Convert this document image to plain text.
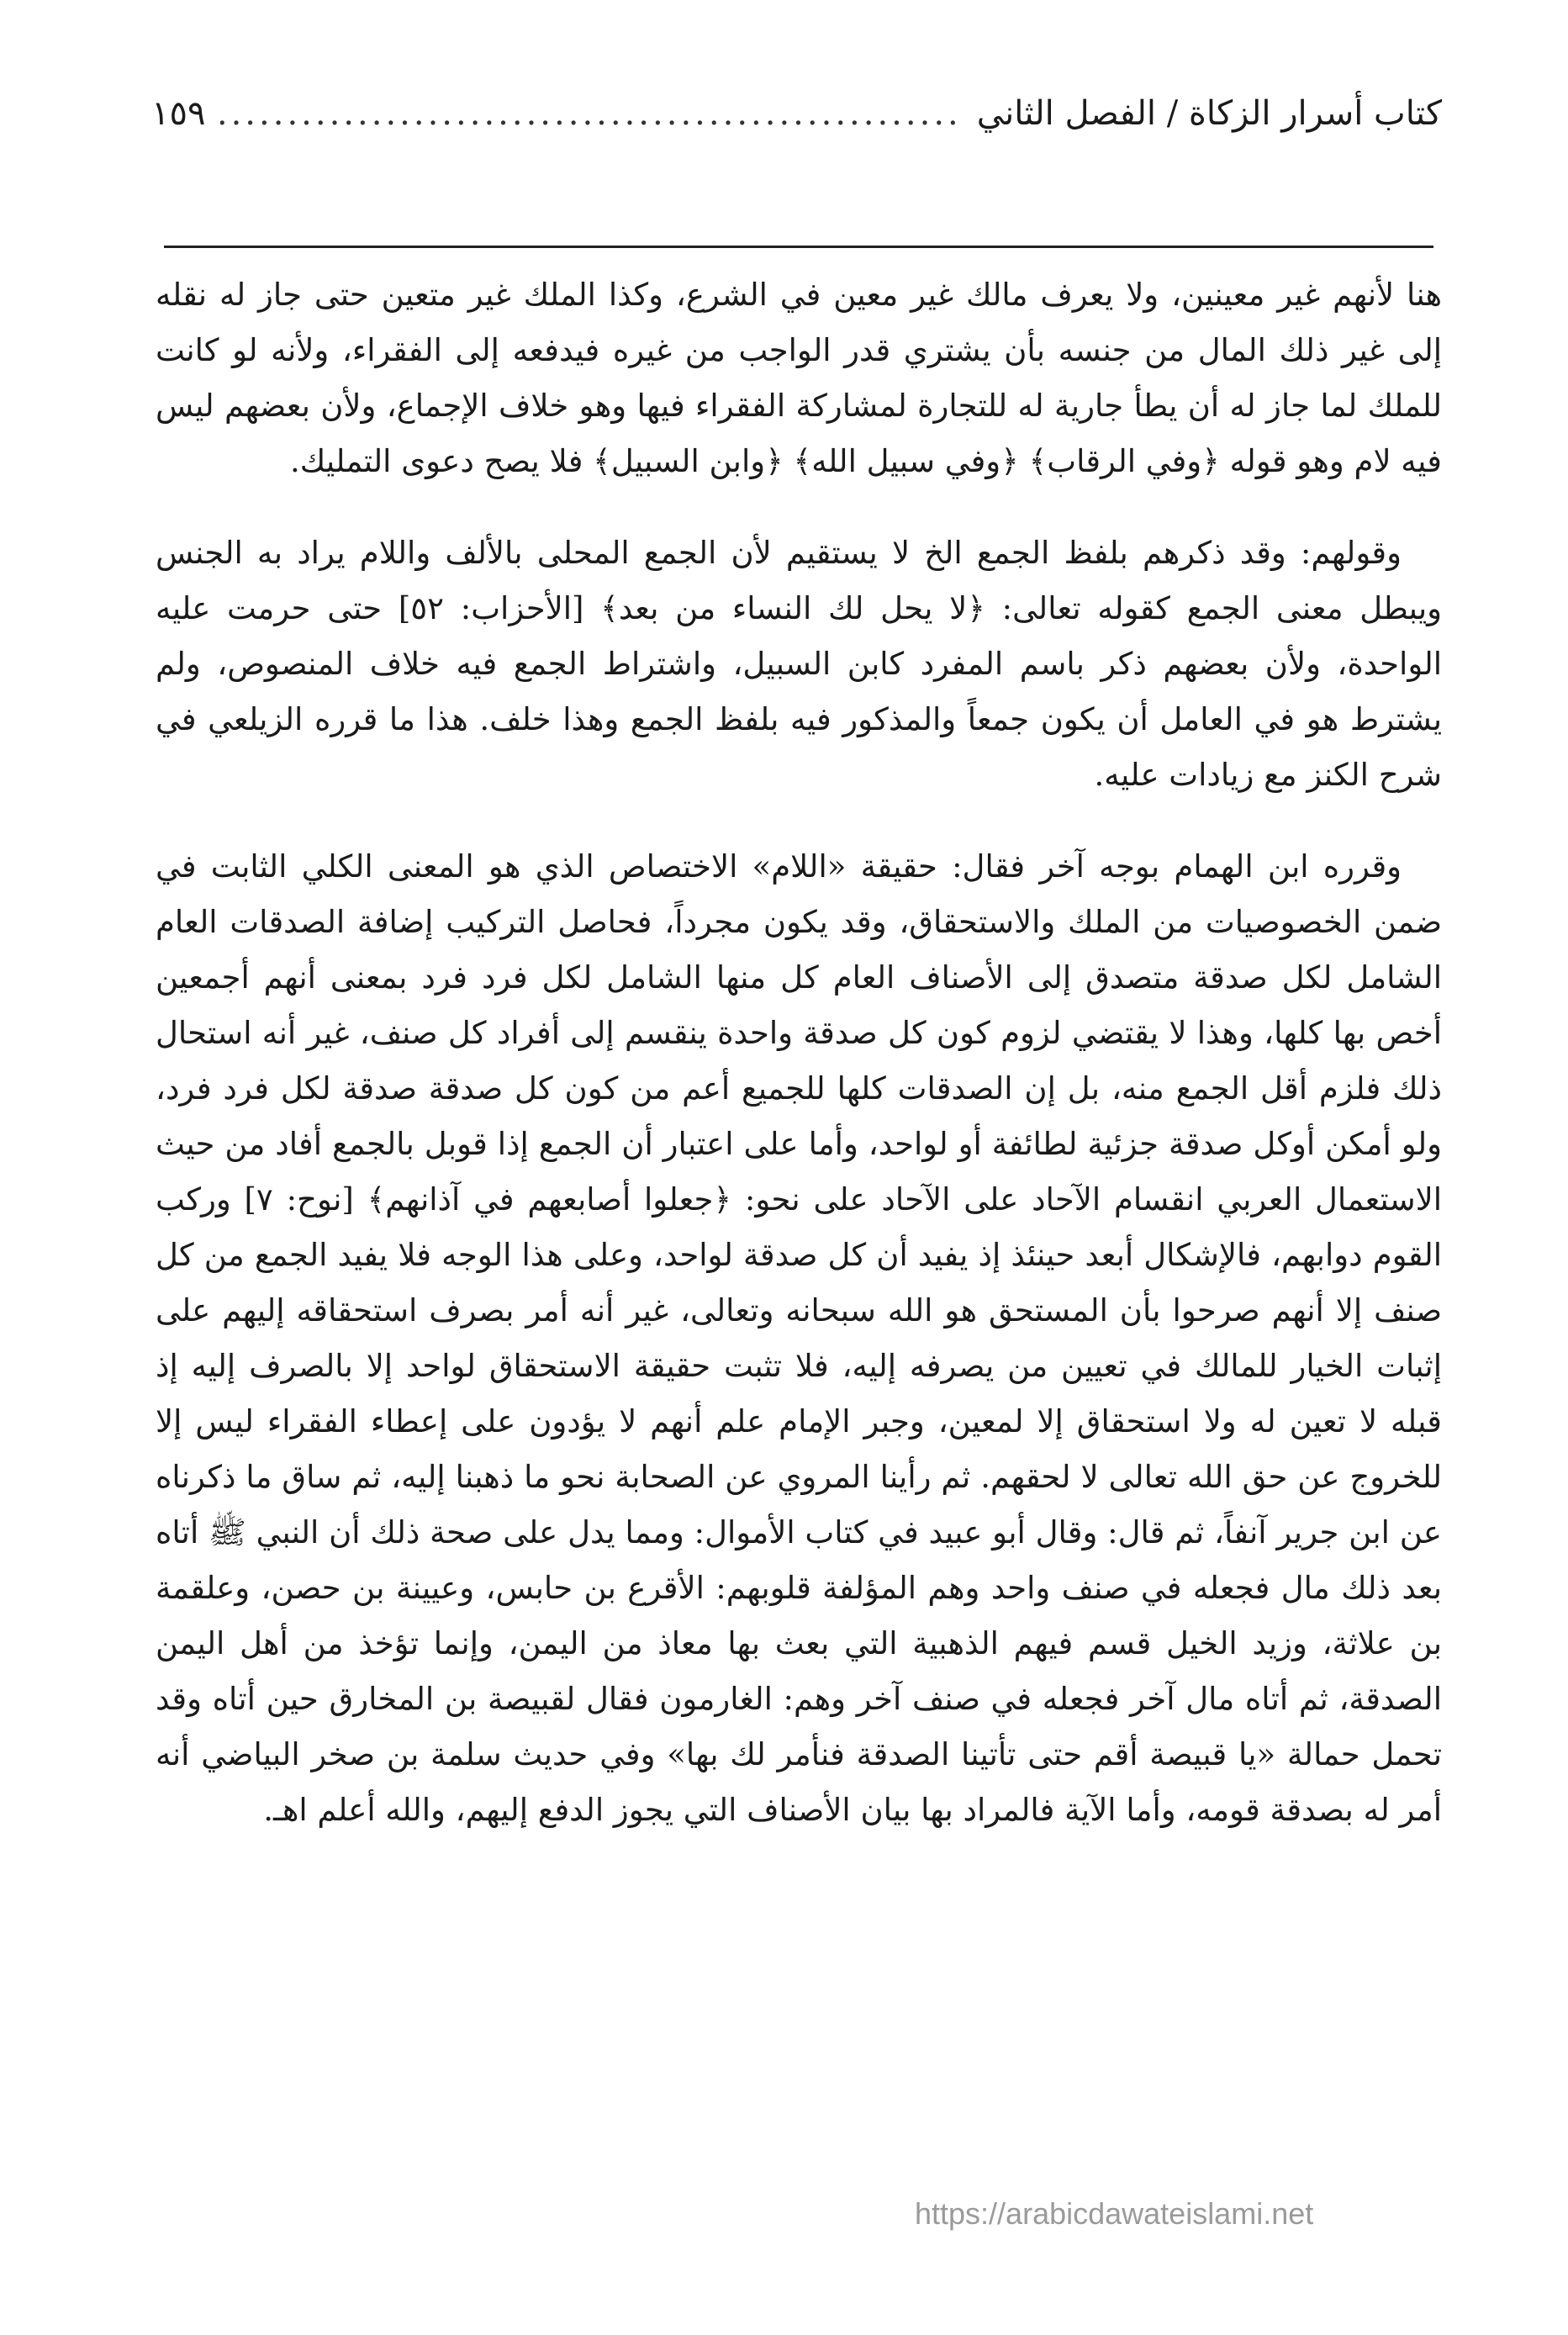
كتاب أسرار الزكاة / الفصل الثاني
.....
١٥٩

هنا لأنهم غير معينين، ولا يعرف مالك غير معين في الشرع، وكذا الملك غير متعين حتى جاز له نقله إلى غير ذلك المال من جنسه بأن يشتري قدر الواجب من غيره فيدفعه إلى الفقراء، ولأنه لو كانت للملك لما جاز له أن يطأ جارية له للتجارة لمشاركة الفقراء فيها وهو خلاف الإجماع، ولأن بعضهم ليس فيه لام وهو قوله ﴿وفي الرقاب﴾ ﴿وفي سبيل الله﴾ ﴿وابن السبيل﴾ فلا يصح دعوى التمليك.

وقولهم: وقد ذكرهم بلفظ الجمع الخ لا يستقيم لأن الجمع المحلى بالألف واللام يراد به الجنس ويبطل معنى الجمع كقوله تعالى: ﴿لا يحل لك النساء من بعد﴾ [الأحزاب: ٥٢] حتى حرمت عليه الواحدة، ولأن بعضهم ذكر باسم المفرد كابن السبيل، واشتراط الجمع فيه خلاف المنصوص، ولم يشترط هو في العامل أن يكون جمعاً والمذكور فيه بلفظ الجمع وهذا خلف. هذا ما قرره الزيلعي في شرح الكنز مع زيادات عليه.

وقرره ابن الهمام بوجه آخر فقال: حقيقة «اللام» الاختصاص الذي هو المعنى الكلي الثابت في ضمن الخصوصيات من الملك والاستحقاق، وقد يكون مجرداً، فحاصل التركيب إضافة الصدقات العام الشامل لكل صدقة متصدق إلى الأصناف العام كل منها الشامل لكل فرد فرد بمعنى أنهم أجمعين أخص بها كلها، وهذا لا يقتضي لزوم كون كل صدقة واحدة ينقسم إلى أفراد كل صنف، غير أنه استحال ذلك فلزم أقل الجمع منه، بل إن الصدقات كلها للجميع أعم من كون كل صدقة صدقة لكل فرد فرد، ولو أمكن أوكل صدقة جزئية لطائفة أو لواحد، وأما على اعتبار أن الجمع إذا قوبل بالجمع أفاد من حيث الاستعمال العربي انقسام الآحاد على الآحاد على نحو: ﴿جعلوا أصابعهم في آذانهم﴾ [نوح: ٧] وركب القوم دوابهم، فالإشكال أبعد حينئذ إذ يفيد أن كل صدقة لواحد، وعلى هذا الوجه فلا يفيد الجمع من كل صنف إلا أنهم صرحوا بأن المستحق هو الله سبحانه وتعالى، غير أنه أمر بصرف استحقاقه إليهم على إثبات الخيار للمالك في تعيين من يصرفه إليه، فلا تثبت حقيقة الاستحقاق لواحد إلا بالصرف إليه إذ قبله لا تعين له ولا استحقاق إلا لمعين، وجبر الإمام علم أنهم لا يؤدون على إعطاء الفقراء ليس إلا للخروج عن حق الله تعالى لا لحقهم. ثم رأينا المروي عن الصحابة نحو ما ذهبنا إليه، ثم ساق ما ذكرناه عن ابن جرير آنفاً، ثم قال: وقال أبو عبيد في كتاب الأموال: ومما يدل على صحة ذلك أن النبي ﷺ أتاه بعد ذلك مال فجعله في صنف واحد وهم المؤلفة قلوبهم: الأقرع بن حابس، وعيينة بن حصن، وعلقمة بن علاثة، وزيد الخيل قسم فيهم الذهبية التي بعث بها معاذ من اليمن، وإنما تؤخذ من أهل اليمن الصدقة، ثم أتاه مال آخر فجعله في صنف آخر وهم: الغارمون فقال لقبيصة بن المخارق حين أتاه وقد تحمل حمالة «يا قبيصة أقم حتى تأتينا الصدقة فنأمر لك بها» وفي حديث سلمة بن صخر البياضي أنه أمر له بصدقة قومه، وأما الآية فالمراد بها بيان الأصناف التي يجوز الدفع إليهم، والله أعلم اهـ.

https://arabicdawateislami.net
